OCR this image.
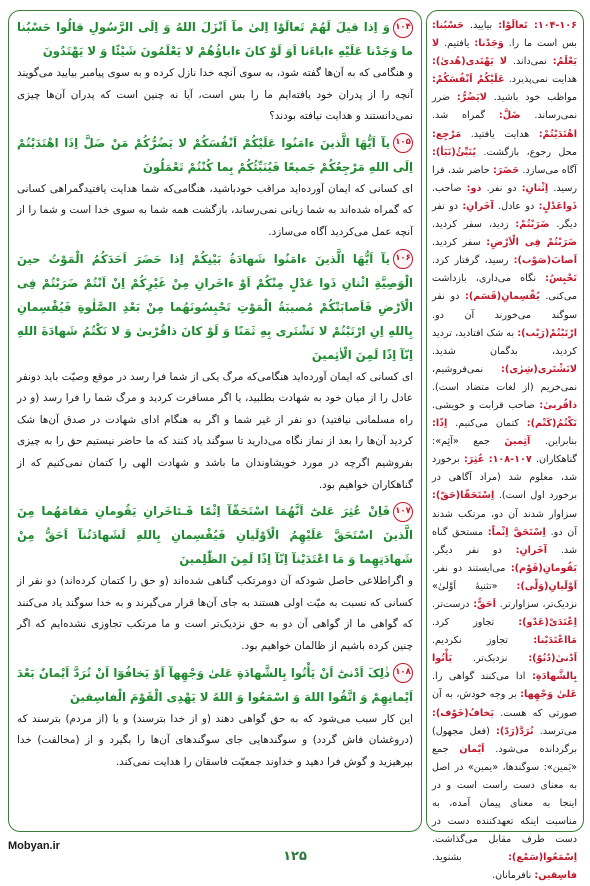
۱۰۴وَ اِذا قیلَ لَهُمْ تَعالَوْا اِلیٰ مآ اَنْزَلَ اللهُ وَ اِلَی الرَّسُولِ قالُوا حَسْبُنا ما وَجَدْنا عَلَیْهِ ءاباءَنا اَوَ لَوْ کانَ ءاباؤُهُمْ لا یَعْلَمُونَ شَیْئًا وَ لا یَهْتَدُونَ
و هنگامی که به آن‌ها گفته شود، به سوی آنچه خدا نازل کرده و به سوی پیامبر بیایید می‌گویند آنچه را از پدران خود یافته‌ایم ما را بس است، آیا نه چنین است که پدران آن‌ها چیزی نمی‌دانستند و هدایت نیافته بودند؟
۱۰۵یآ اَیُّهَا الَّذینَ ءامَنُوا عَلَیْکُمْ اَنْفُسَکُمْ لا یَضُرُّکُمْ مَنْ ضَلَّ اِذَا اهْتَدَیْتُمْ اِلَی اللهِ مَرْجِعُکُمْ جَمیعًا فَیُنَبِّئُکُمْ بِما کُنْتُمْ تَعْمَلُونَ
ای کسانی که ایمان آورده‌اید مراقب خودباشید، هنگامی‌که شما هدایت یافتیدگمراهی کسانی که گمراه شده‌اند به شما زیانی نمی‌رساند، بازگشت همه شما به سوی خدا است و شما را از آنچه عمل می‌کردید آگاه می‌سازد.
۱۰۶یآ اَیُّهَا الَّذینَ ءامَنُوا شَهادَةُ بَیْنِکُمْ اِذا حَضَرَ اَحَدَکُمُ الْمَوْتُ حینَ الْوَصِیَّةِ اثْنانِ ذَوا عَدْلٍ مِنْکُمْ اَوْ ءاخَرانِ مِنْ غَیْرِکُمْ اِنْ اَنْتُمْ ضَرَبْتُمْ فِی الْاَرْضِ فَاَصابَتْکُمْ مُصیبَةُ الْمَوْتِ تَحْبِسُونَهُما مِنْ بَعْدِ الصَّلٰوةِ فَیُقْسِمانِ بِاللهِ اِنِ ارْتَبْتُمْ لا نَشْتَری بِهِ ثَمَنًا وَ لَوْ کانَ ذاقُرْبیٰ وَ لا نَکْتُمُ شَهادَةَ اللهِ اِنّآ اِذًا لَمِنَ الْاٰثِمینَ
ای کسانی که ایمان آورده‌اید هنگامی‌که مرگ یکی از شما فرا رسد در موقع وصیّت باید دونفر عادل را از میان خود به شهادت بطلبید، یا اگر مسافرت کردید و مرگ شما را فرا رسد (و در راه مسلمانی نیافتید) دو نفر از غیر شما و اگر به هنگام ادای شهادت در صدق آن‌ها شک کردید آن‌ها را بعد از نماز نگاه می‌دارید تا سوگند یاد کنند که ما حاضر نیستیم حق را به چیزی بفروشیم اگرچه در مورد خویشاوندان ما باشد و شهادت الهی را کتمان نمی‌کنیم که از گناهکاران خواهیم بود.
۱۰۷فَاِنْ عُثِرَ عَلیٰٓ اَنَّهُمَا اسْتَحَقّآ اِثْمًا فَـئاخَرانِ یَقُومانِ مَقامَهُما مِنَ الَّذینَ اسْتَحَقَّ عَلَیْهِمُ الْاَوْلَیانِ فَیُقْسِمانِ بِاللهِ لَشَهادَتُنآ اَحَقُّ مِنْ شَهادَتِهِما وَ مَا اعْتَدَیْنآ اِنّآ اِذًا لَمِنَ الظّٰلِمینَ
و اگراطلاعی حاصل شودکه آن دومرتکب گناهی شده‌اند (و حق را کتمان کرده‌اند) دو نفر از کسانی که نسبت به میّت اولی هستند به جای آن‌ها قرار می‌گیرند و به خدا سوگند یاد می‌کنند که گواهی ما از گواهی آن دو به حق نزدیک‌تر است و ما مرتکب تجاوزی نشده‌ایم که اگر چنین کرده باشیم از ظالمان خواهیم بود.
۱۰۸ذٰلِکَ اَدْنیٰٓ اَنْ یَأْتُوا بِالشَّهادَةِ عَلیٰ وَجْهِهآ اَوْ یَخافُوٓا اَنْ تُرَدَّ اَیْمانٌ بَعْدَ اَیْمانِهِمْ وَ اتَّقُوا اللهَ وَ اسْمَعُوا وَ اللهُ لا یَهْدِی الْقَوْمَ الْفاسِقینَ
این کار سبب می‌شود که به حق گواهی دهند (و از خدا بترسند) و یا (از مردم) بترسند که (دروغشان فاش گردد) و سوگندهایی جای سوگندهای آن‌ها را بگیرد و از (مخالفت) خدا بپرهیزید و گوش فرا دهید و خداوند جمعیّت فاسقان را هدایت نمی‌کند.
۱۰۴-۱۰۶: تَعالَوْا: بیایید. حَسْبُنا: بس است ما را. وَجَدْنا: یافتیم. لا یَعْلَمُ: نمی‌داند. لا یَهْتَدی(هُدیٰ): هدایت نمی‌پذیرد. عَلَیْکُمْ اَنْفُسَکُمْ: مواظب خود باشید. لایَضُرُّ: ضرر نمی‌رساند. ضَلَّ: گمراه شد. اهْتَدَیْتُمْ: هدایت یافتید. مَرْجِع: محل رجوع، بازگشت. یُنَبِّئُ(نَبَأ): آگاه می‌سازد. حَضَرَ: حاضر شد، فرا رسید. اِثْنانِ: دو نفر. ذو: صاحب. ذَواعَدْلٍ: دو عادل. آخَرانِ: دو نفر دیگر. ضَرَبْتُمْ: زدید، سفر کردید. ضَرَبْتُمْ فِی الْاَرْضِ: سفر کردید. اَصابَ(صَوْب): رسید، گرفتار کرد. تَحْبِسُ: نگاه می‌داری، بازداشت می‌کنی. یُقْسِمانِ(قَسَم): دو نفر سوگند می‌خورند آن دو. ارْتَبْتُمْ(رَیْب): به شک افتادید، تردید کردید، بدگمان شدید. لانَشْتَری(شِرٰی): نمی‌فروشیم، نمی‌خریم (از لغات متضاد است). ذاقُربیٰ: صاحب قرابت و خویشی. نَکْتُمُ(کَتْم): کتمان می‌کنیم. اِذًا: بنابراین. آثِمینَ جمع «آثِم»: گناهکاران. ۱۰۷-۱۰۸: عُثِرَ: برخورد شد، معلوم شد (مراد آگاهی در برخورد اول است). اِسْتَحَقّا(حَقّ): سزاوار شدند آن دو، مرتکب شدند آن دو. اِسْتَحَقَّ اِثْماً: مستحق گناه شد. آخَرانِ: دو نفر دیگر. یَقُومانِ(قَوْم): می‌ایستند دو نفر. اَوْلَیانِ(وَلْی): «تثنیهٔ اَوْلیٰ» نزدیک‌تر، سزاوارتر. اَحَقُّ: درست‌تر. اِعْتَدَیْ(عَدْو): تجاوز کرد. مَااعْتَدَیْنا: تجاوز نکردیم. اَدْنیٰ(دُنُوّ): نزدیک‌تر. یَأْتُوا بِالشَّهادَةِ: ادا می‌کنند گواهی را. عَلیٰ وَجْهِها: بر وجه خودش، به آن صورتی که هست. یَخافُ(خَوْف): می‌ترسد. تُرَدَّ(رَدّ): (فعل مجهول) برگردانده می‌شود. اَیْمان جمع «یَمین»: سوگندها، «یمین» در اصل به معنای دست راست است و در اینجا به معنای پیمان آمده، به مناسبت اینکه تعهدکننده دست در دست طرف مقابل می‌گذاشت. اِسْمَعُوا(سَمْع): بشنوید. فاسِقین: نافرمانان.
Mobyan.ir
۱۲۵
